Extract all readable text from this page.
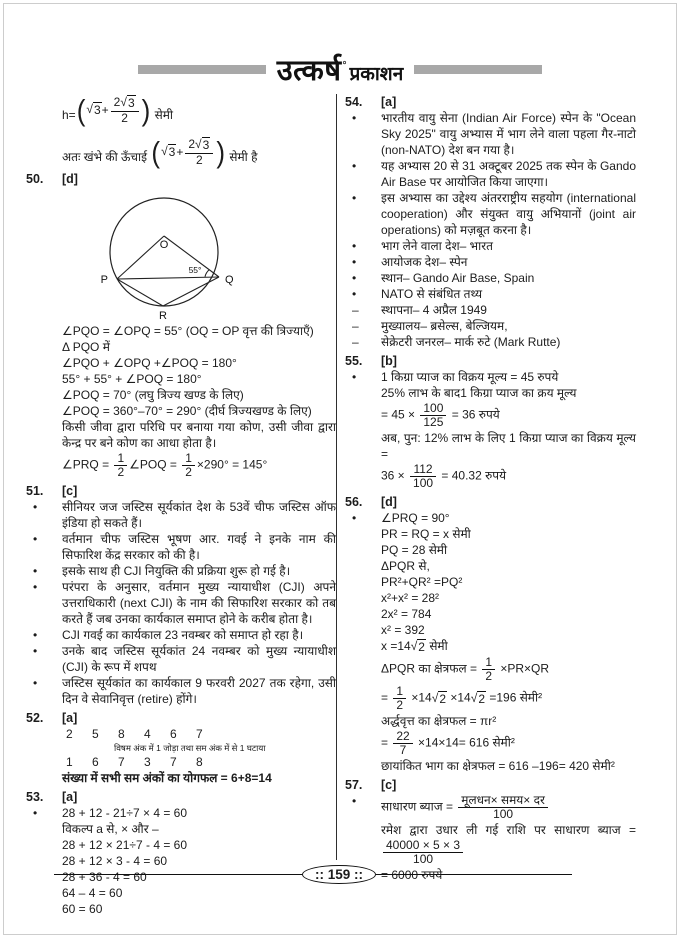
उत्कर्ष ° प्रकाशन
h= ( √ $3 + \frac{2 √ 3}{2}$ ) सेमी
अतः खंभे की ऊँचाई ( √ $3 + \frac{2 √ 3}{2}$ ) सेमी है
50. [d]
O
55°
P	Q
R
∠PQO = ∠OPQ = 55° (OQ = OP वृत्त की त्रिज्याएँ)
Δ PQO में
∠PQO + ∠OPQ +∠POQ = 180°
55° + 55° + ∠POQ = 180°
∠POQ = 70° (लघु त्रिज्य खण्ड के लिए)
∠POQ = 360°–70° = 290° (दीर्घ त्रिज्यखण्ड के लिए)
किसी जीवा द्वारा परिधि पर बनाया गया कोण, उसी जीवा द्वारा केन्द्र पर बने कोण का आधा होता है।
∠PRQ = $\frac{1}{2}$ ∠POQ = $\frac{1}{2} \times 290^\circ = 145^\circ$
51. [c]
• सीनियर जज जस्टिस सूर्यकांत देश के 53वें चीफ जस्टिस ऑफ इंडिया हो सकते हैं।
• वर्तमान चीफ जस्टिस भूषण आर. गवई ने इनके नाम की सिफारिश केंद्र सरकार को की है।
• इसके साथ ही CJI नियुक्ति की प्रक्रिया शुरू हो गई है।
• परंपरा के अनुसार, वर्तमान मुख्य न्यायाधीश (CJI) अपने उत्तराधिकारी (next CJI) के नाम की सिफारिश सरकार को तब करते हैं जब उनका कार्यकाल समाप्त होने के करीब होता है।
• CJI गवई का कार्यकाल 23 नवम्बर को समाप्त हो रहा है।
• उनके बाद जस्टिस सूर्यकांत 24 नवम्बर को मुख्य न्यायाधीश (CJI) के रूप में शपथ
• जस्टिस सूर्यकांत का कार्यकाल 9 फरवरी 2027 तक रहेगा, उसी दिन वे सेवानिवृत्त (retire) होंगे।
52. [a]
2 5 8 4 6 7
विषम अंक में 1 जोड़ा तथा सम अंक में से 1 घटाया
1 6 7 3 7 8
संख्या में सभी सम अंकों का योगफल = 6+8=14
53. [a]
• 28 + 12 - 21÷7 × 4 = 60
विकल्प a से, × और –
28 + 12 × 21÷7 - 4 = 60
28 + 12 × 3 - 4 = 60
28 + 36 - 4 = 60
64 – 4 = 60
60 = 60
54. [a]
• भारतीय वायु सेना (Indian Air Force) स्पेन के "Ocean Sky 2025" वायु अभ्यास में भाग लेने वाला पहला गैर-नाटो (non-NATO) देश बन गया है।
• यह अभ्यास 20 से 31 अक्टूबर 2025 तक स्पेन के Gando Air Base पर आयोजित किया जाएगा।
• इस अभ्यास का उद्देश्य अंतरराष्ट्रीय सहयोग (international cooperation) और संयुक्त वायु अभियानों (joint air operations) को मज़बूत करना है।
• भाग लेने वाला देश– भारत
• आयोजक देश– स्पेन
• स्थान– Gando Air Base, Spain
• NATO से संबंधित तथ्य
– स्थापना– 4 अप्रैल 1949
– मुख्यालय– ब्रसेल्स, बेल्जियम,
– सेक्रेटरी जनरल– मार्क रुटे (Mark Rutte)
55. [b]
• 1 किग्रा प्याज का विक्रय मूल्य = 45 रुपये
25% लाभ के बाद1 किग्रा प्याज का क्रय मूल्य
= $45 \times \frac{100}{125} = 36$ रुपये
अब, पुन: 12% लाभ के लिए 1 किग्रा प्याज का विक्रय मूल्य =
$36 \times \frac{112}{100} = 40.32$ रुपये
56. [d]
• ∠PRQ = 90°
PR = RQ = x सेमी
PQ = 28 सेमी
ΔPQR से,
PR²+QR² =PQ²
x²+x² = 28²
2x² = 784
x² = 392
x =14 √ 2 सेमी
ΔPQR का क्षेत्रफल = $\frac{1}{2} \times PR\times QR$
= $\frac{1}{2} \times 14$ √ 2 ×14 √ 2 =196 सेमी²
अर्द्धवृत्त का क्षेत्रफल = πr²
= $\frac{22}{7} \times 14\times 14= 616$ सेमी²
छायांकित भाग का क्षेत्रफल = 616 –196= 420 सेमी²
57. [c]
• साधारण ब्याज = $\frac{\text{मूलधन× समय× दर}}{100}$
रमेश द्वारा उधार ली गई राशि पर साधारण ब्याज =
$\frac{40000 \times 5 \times 3}{100}$
= 6000 रुपये
:: 159 ::
